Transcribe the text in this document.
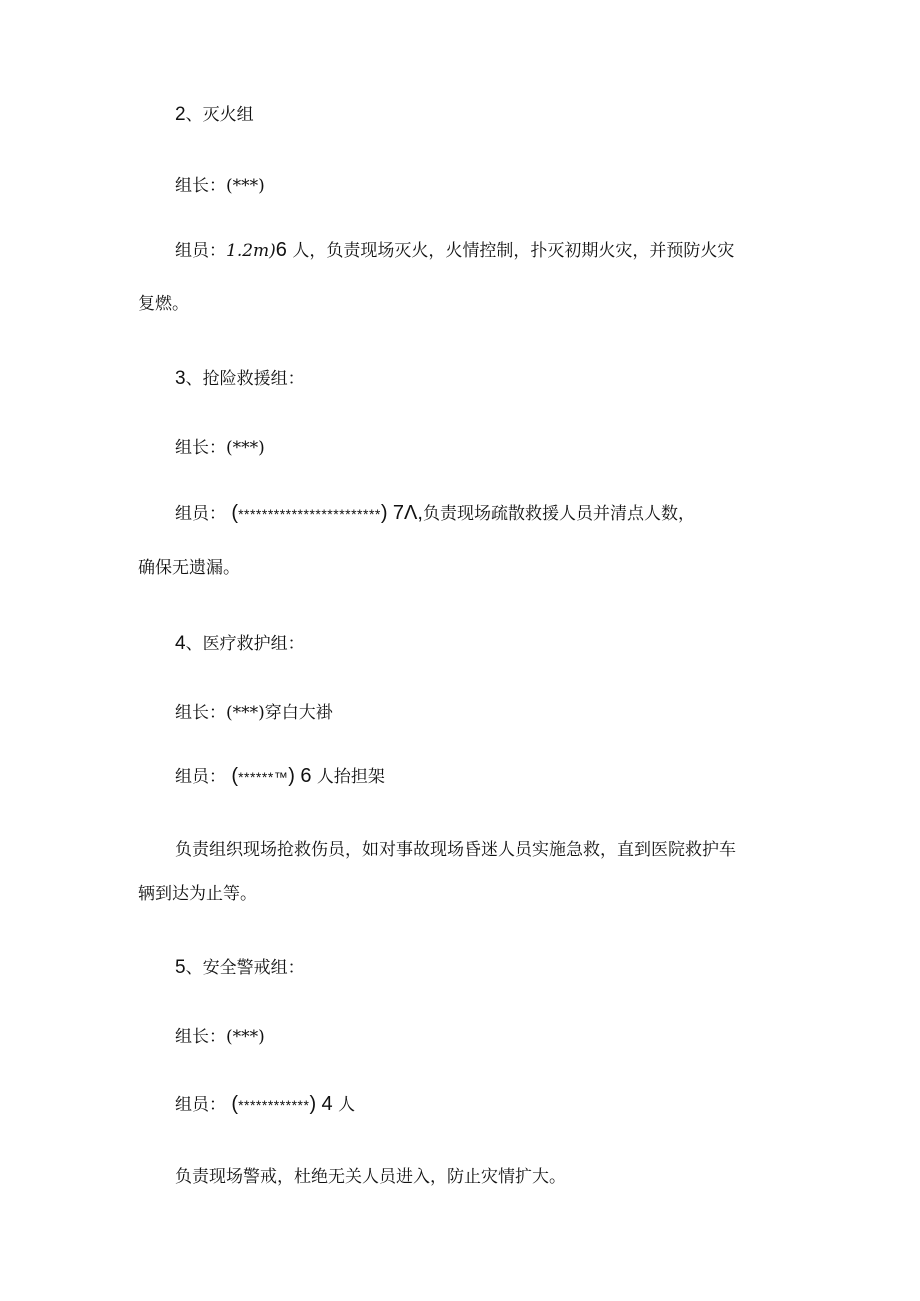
2、灭火组
组长：(***)
组员：1.2m)6 人，负责现场灭火，火情控制，扑灭初期火灾，并预防火灾
复燃。
3、抢险救援组：
组长：(***)
组员： (************************) 7Λ,负责现场疏散救援人员并清点人数，
确保无遗漏。
4、医疗救护组：
组长：(***)穿白大褂
组员： (******™) 6 人抬担架
负责组织现场抢救伤员，如对事故现场昏迷人员实施急救，直到医院救护车
辆到达为止等。
5、安全警戒组：
组长：(***)
组员： (************) 4 人
负责现场警戒，杜绝无关人员进入，防止灾情扩大。
